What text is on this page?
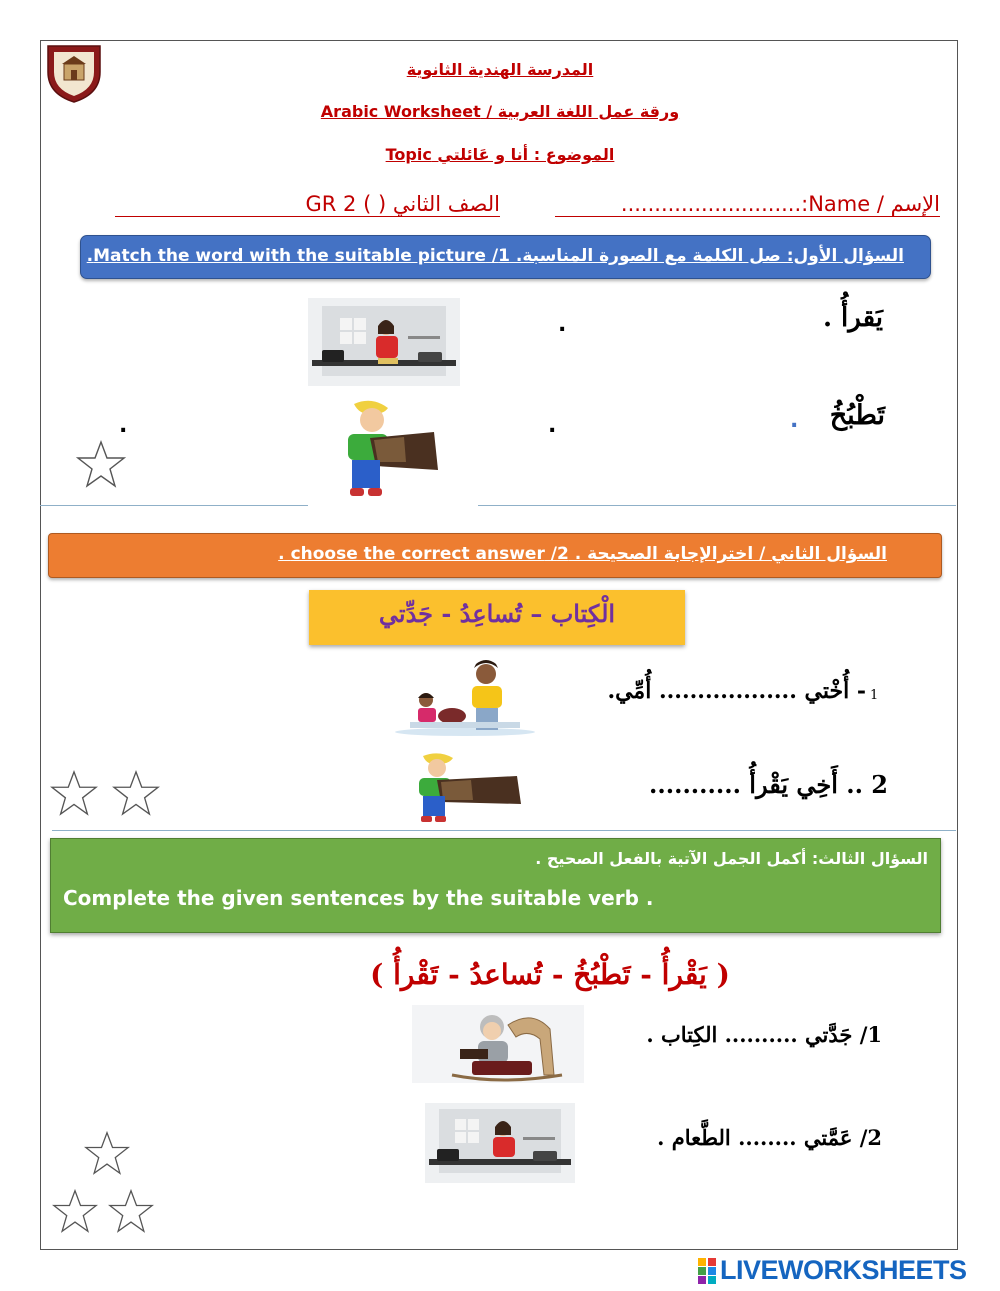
المدرسة الهندية الثانوية
ورقة عمل اللغة العربية / Arabic Worksheet
الموضوع : أنا و عَائلتي Topic
الإسم / Name:...........................
الصف الثاني ( ) GR 2
السؤال الأول: صل الكلمة مع الصورة المناسبة. 1/ Match the word with the suitable picture.
يَقرأُ .
.
تَطْبُخُ
.
.
.
السؤال الثاني / اخترالإجابة الصحيحة . 2/ choose the correct answer .
الْكِتاب – تُساعِدُ - جَدِّتي
1
- أُخْتي .................. أُمِّي.
2 .. أَخِي يَقْرأُ ...........
السؤال الثالث: أكمل الجمل الآتية بالفعل الصحيح .
Complete the given sentences by the suitable verb .
( يَقْرأُ - تَطْبُخُ - تُساعدُ - تَقْرأُ )
1/ جَدَّتي .......... الكِتاب .
2/ عَمَّتي ........ الطَّعام .
LIVEWORKSHEETS
